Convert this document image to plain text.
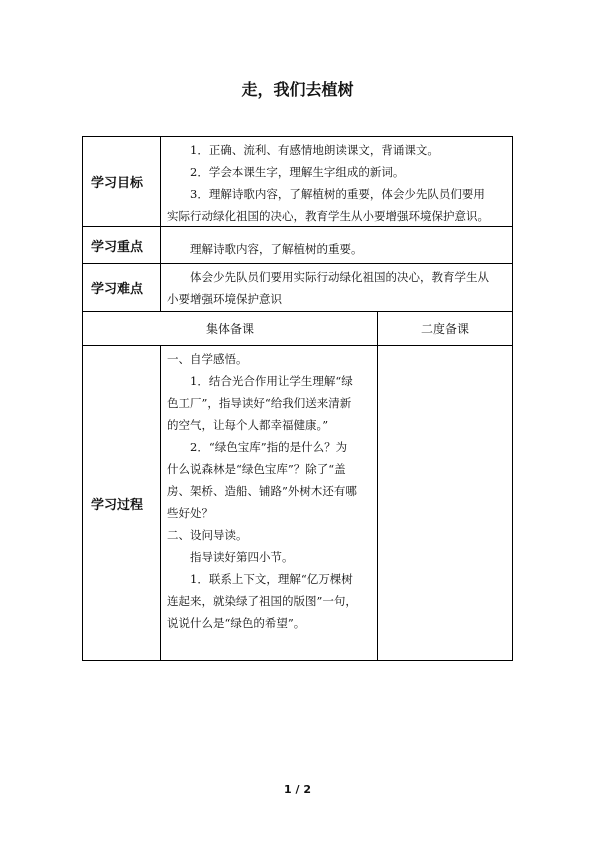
走，我们去植树
学习目标
1．正确、流利、有感情地朗读课文，背诵课文。
2．学会本课生字，理解生字组成的新词。
3．理解诗歌内容，了解植树的重要，体会少先队员们要用
实际行动绿化祖国的决心，教育学生从小要增强环境保护意识。
学习重点	理解诗歌内容，了解植树的重要。
学习难点
体会少先队员们要用实际行动绿化祖国的决心，教育学生从
小要增强环境保护意识
集体备课	二度备课
学习过程
一、自学感悟。
1．结合光合作用让学生理解“绿
色工厂”，指导读好“给我们送来清新
的空气，让每个人都幸福健康。”
2．“绿色宝库”指的是什么？为
什么说森林是“绿色宝库”？除了“盖
房、架桥、造船、铺路”外树木还有哪
些好处？
二、设问导读。
指导读好第四小节。
1．联系上下文，理解“亿万棵树
连起来，就染绿了祖国的版图”一句，
说说什么是“绿色的希望”。
1 / 2
